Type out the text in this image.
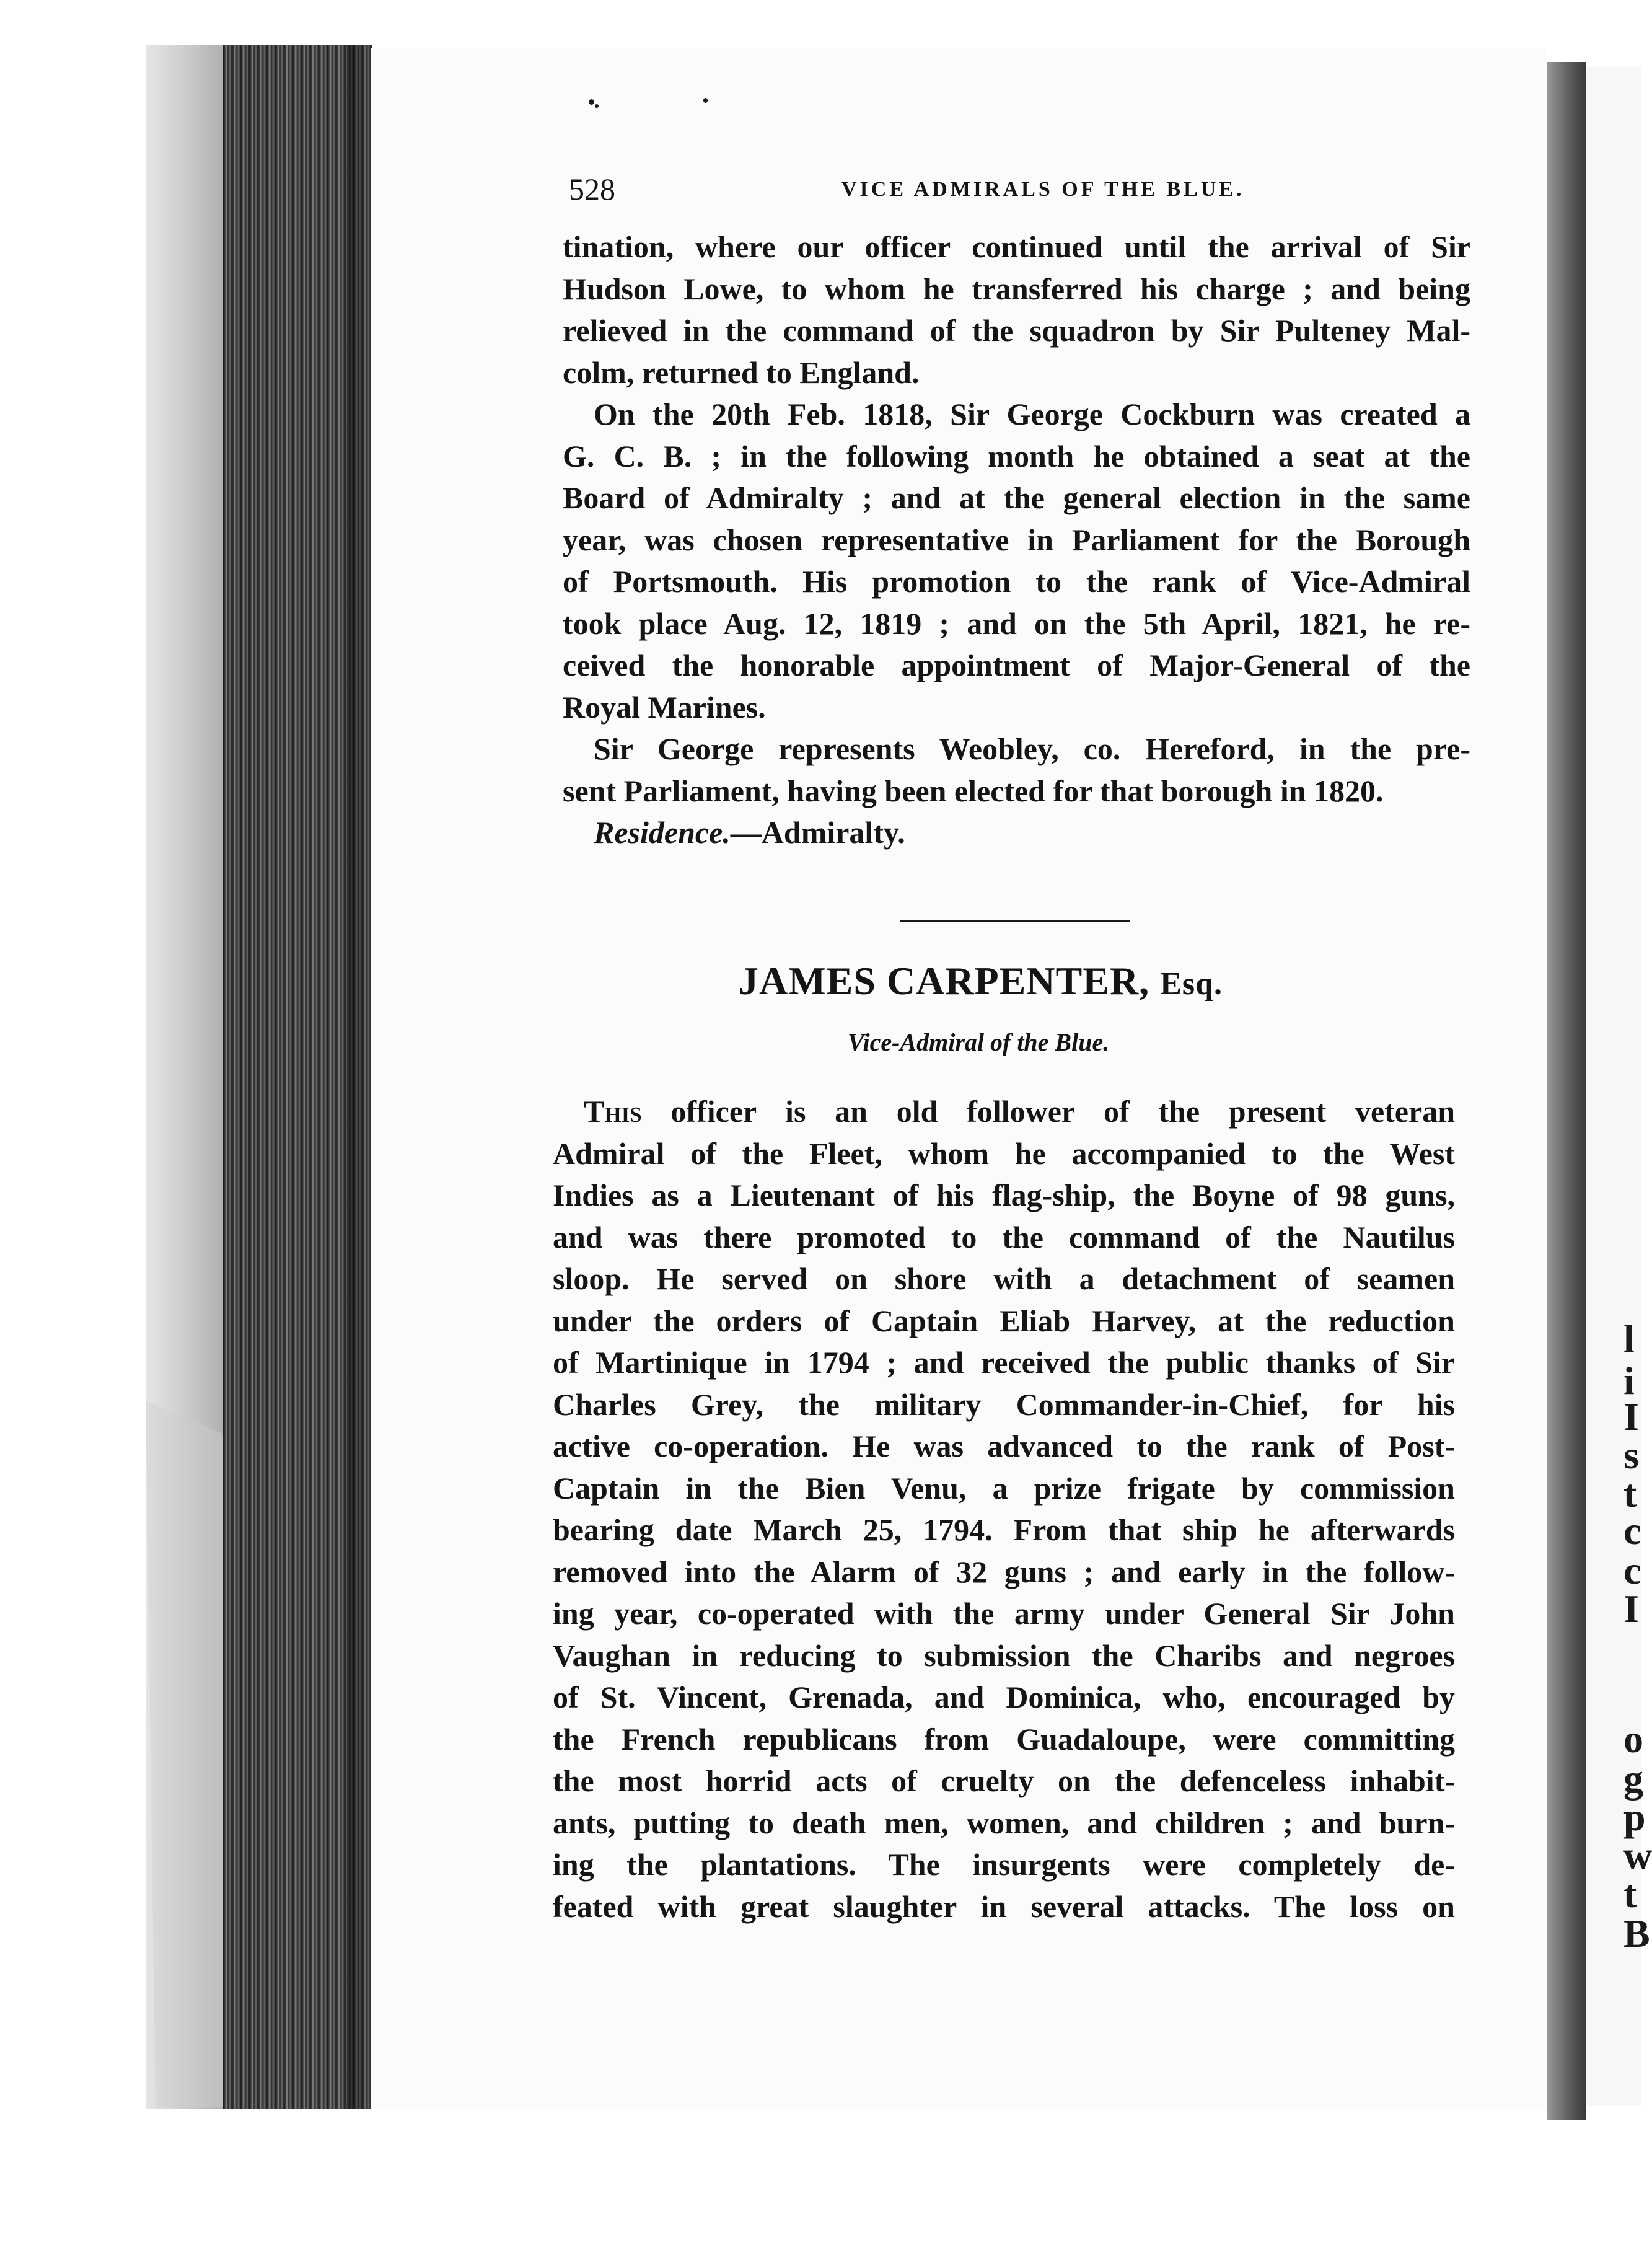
l
i
I
s
t
c
c
I
o
g
p
w
t
B
528	VICE ADMIRALS OF THE BLUE.
tination, where our officer continued until the arrival of Sir
Hudson Lowe, to whom he transferred his charge ; and being
relieved in the command of the squadron by Sir Pulteney Mal-
colm, returned to England.
On the 20th Feb. 1818, Sir George Cockburn was created a
G. C. B. ; in the following month he obtained a seat at the
Board of Admiralty ; and at the general election in the same
year, was chosen representative in Parliament for the Borough
of Portsmouth. His promotion to the rank of Vice-Admiral
took place Aug. 12, 1819 ; and on the 5th April, 1821, he re-
ceived the honorable appointment of Major-General of the
Royal Marines.
Sir George represents Weobley, co. Hereford, in the pre-
sent Parliament, having been elected for that borough in 1820.
Residence.—Admiralty.
JAMES CARPENTER, Esq.
Vice-Admiral of the Blue.
This officer is an old follower of the present veteran
Admiral of the Fleet, whom he accompanied to the West
Indies as a Lieutenant of his flag-ship, the Boyne of 98 guns,
and was there promoted to the command of the Nautilus
sloop. He served on shore with a detachment of seamen
under the orders of Captain Eliab Harvey, at the reduction
of Martinique in 1794 ; and received the public thanks of Sir
Charles Grey, the military Commander-in-Chief, for his
active co-operation. He was advanced to the rank of Post-
Captain in the Bien Venu, a prize frigate by commission
bearing date March 25, 1794. From that ship he afterwards
removed into the Alarm of 32 guns ; and early in the follow-
ing year, co-operated with the army under General Sir John
Vaughan in reducing to submission the Charibs and negroes
of St. Vincent, Grenada, and Dominica, who, encouraged by
the French republicans from Guadaloupe, were committing
the most horrid acts of cruelty on the defenceless inhabit-
ants, putting to death men, women, and children ; and burn-
ing the plantations. The insurgents were completely de-
feated with great slaughter in several attacks. The loss on
